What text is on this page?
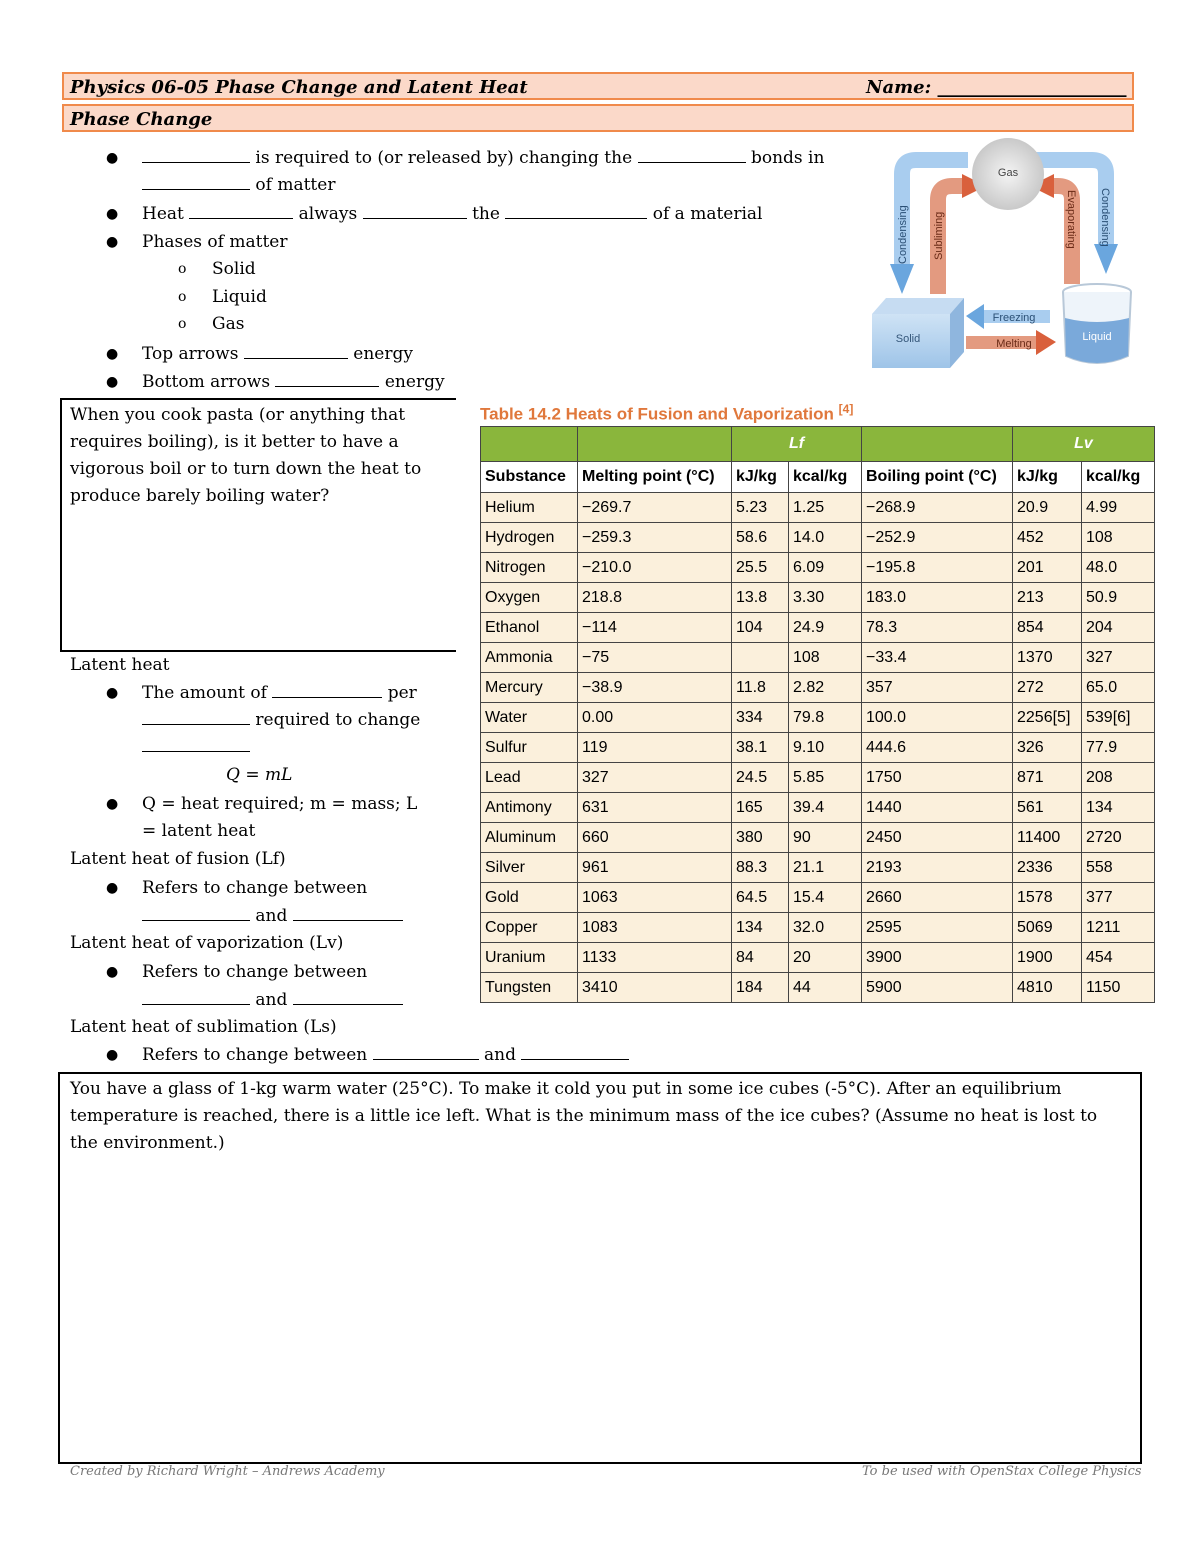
Physics 06-05 Phase Change and Latent Heat	Name: _____________________
Phase Change
●	is required to (or released by) changing the	bonds in
of matter
● Heat	always	the	of a material
● Phases of matter
o Solid
o Liquid
o Gas
● Top arrows	energy
● Bottom arrows	energy
Gas
Solid	Liquid
Freezing
Melting
Condensing Subliming	Evaporating Condensing
When you cook pasta (or anything that requires boiling), is it better to have a vigorous boil or to turn down the heat to produce barely boiling water?
Latent heat
● The amount of	per
required to change
Q = mL
● Q = heat required; m = mass; L = latent heat
Latent heat of fusion (Lf)
● Refers to change between
and
Latent heat of vaporization (Lv)
● Refers to change between
and
Latent heat of sublimation (Ls)
● Refers to change between	and
Table 14.2 Heats of Fusion and Vaporization [4]
		Lf			Lv	
Substance	Melting point (°C)	kJ/kg	kcal/kg	Boiling point (°C)	kJ/kg	kcal/kg
Helium	−269.7	5.23	1.25	−268.9	20.9	4.99
Hydrogen	−259.3	58.6	14.0	−252.9	452	108
Nitrogen	−210.0	25.5	6.09	−195.8	201	48.0
Oxygen	218.8	13.8	3.30	183.0	213	50.9
Ethanol	−114	104	24.9	78.3	854	204
Ammonia	−75		108	−33.4	1370	327
Mercury	−38.9	11.8	2.82	357	272	65.0
Water	0.00	334	79.8	100.0	2256[5]	539[6]
Sulfur	119	38.1	9.10	444.6	326	77.9
Lead	327	24.5	5.85	1750	871	208
Antimony	631	165	39.4	1440	561	134
Aluminum	660	380	90	2450	11400	2720
Silver	961	88.3	21.1	2193	2336	558
Gold	1063	64.5	15.4	2660	1578	377
Copper	1083	134	32.0	2595	5069	1211
Uranium	1133	84	20	3900	1900	454
Tungsten	3410	184	44	5900	4810	1150
You have a glass of 1-kg warm water (25°C). To make it cold you put in some ice cubes (-5°C). After an equilibrium temperature is reached, there is a little ice left. What is the minimum mass of the ice cubes? (Assume no heat is lost to the environment.)
Created by Richard Wright – Andrews Academy	To be used with OpenStax College Physics
